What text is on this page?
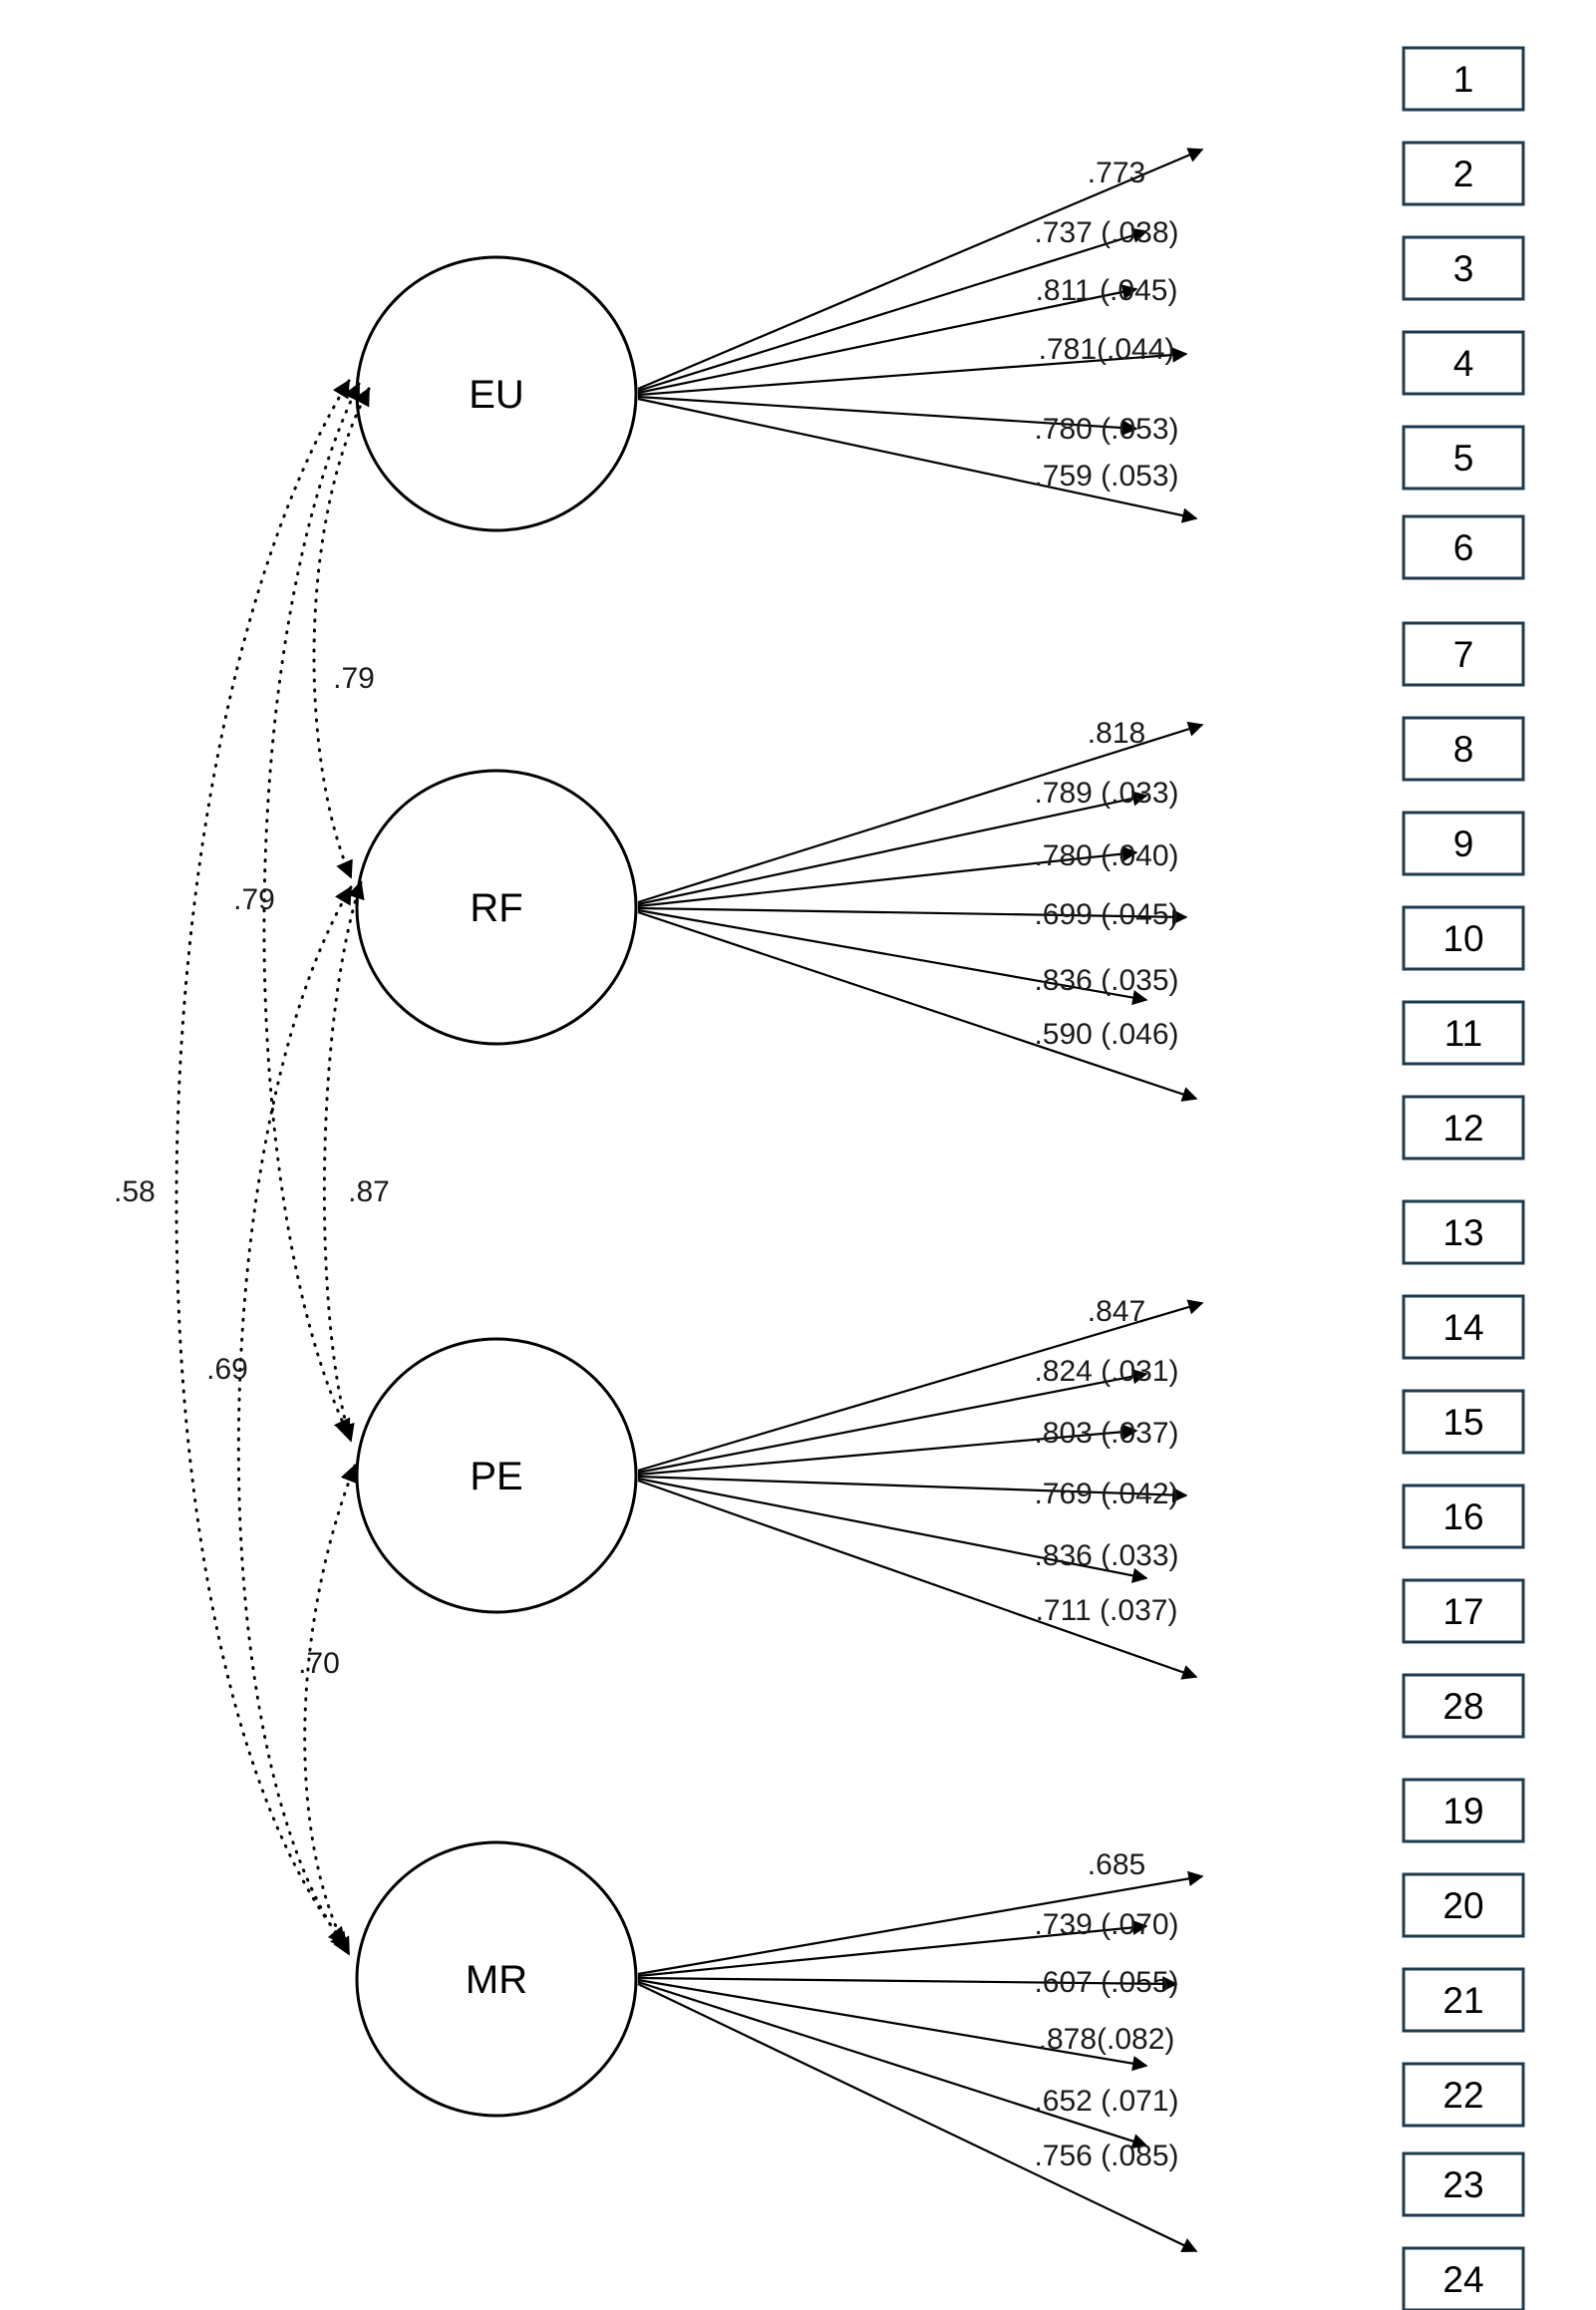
EU
.773
.737 (.038)
.811 (.045)
.781(.044)
.780 (.053)
.759 (.053)
RF
.818
.789 (.033)
.780 (.040)
.699 (.045)
.836 (.035)
.590 (.046)
PE
.847
.824 (.031)
.803 (.037)
.769 (.042)
.836 (.033)
.711 (.037)
MR
.685
.739 (.070)
.607 (.055)
.878(.082)
.652 (.071)
.756 (.085)
1
2
3
4
5
6
7
8
9
10
11
12
13
14
15
16
17
28
19
20
21
22
23
24
.79
.79
.87
.58
.69
.70
